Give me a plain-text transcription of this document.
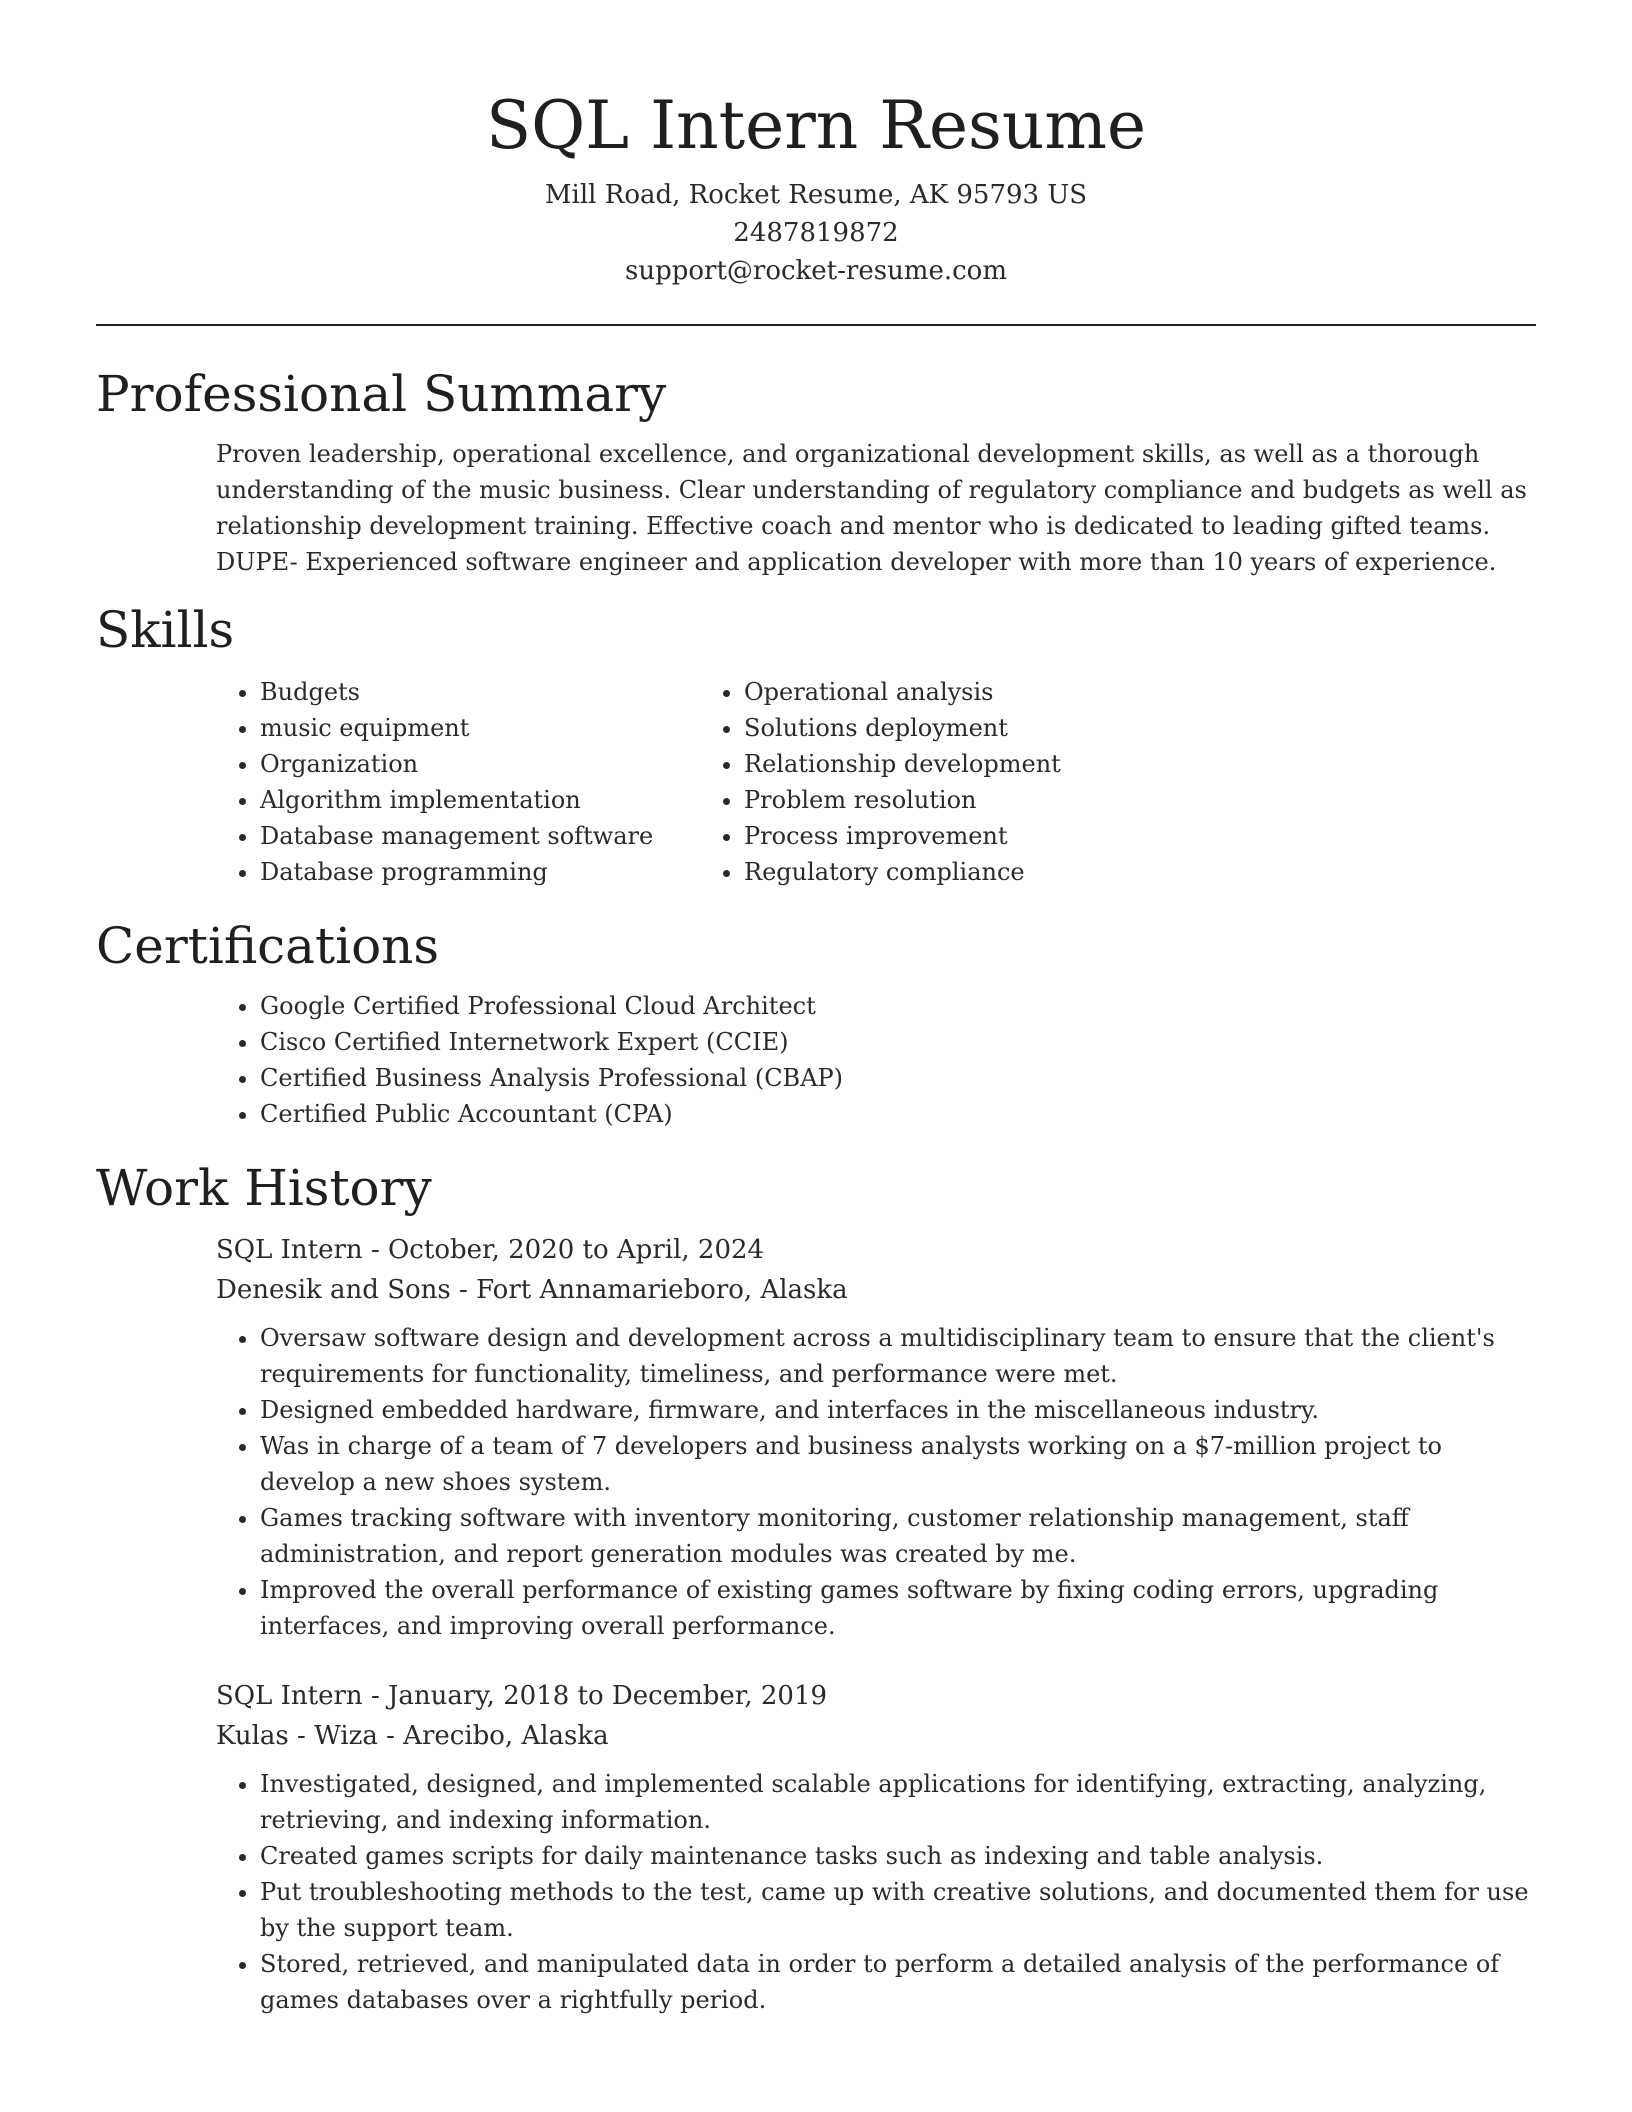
SQL Intern Resume
Mill Road, Rocket Resume, AK 95793 US
2487819872
support@rocket-resume.com
Professional Summary
Proven leadership, operational excellence, and organizational development skills, as well as a thorough understanding of the music business. Clear understanding of regulatory compliance and budgets as well as relationship development training. Effective coach and mentor who is dedicated to leading gifted teams. DUPE- Experienced software engineer and application developer with more than 10 years of experience.
Skills
• Budgets
• music equipment
• Organization
• Algorithm implementation
• Database management software
• Database programming
• Operational analysis
• Solutions deployment
• Relationship development
• Problem resolution
• Process improvement
• Regulatory compliance
Certifications
• Google Certified Professional Cloud Architect
• Cisco Certified Internetwork Expert (CCIE)
• Certified Business Analysis Professional (CBAP)
• Certified Public Accountant (CPA)
Work History
SQL Intern - October, 2020 to April, 2024
Denesik and Sons - Fort Annamarieboro, Alaska
• Oversaw software design and development across a multidisciplinary team to ensure that the client's requirements for functionality, timeliness, and performance were met.
• Designed embedded hardware, firmware, and interfaces in the miscellaneous industry.
• Was in charge of a team of 7 developers and business analysts working on a $7-million project to develop a new shoes system.
• Games tracking software with inventory monitoring, customer relationship management, staff administration, and report generation modules was created by me.
• Improved the overall performance of existing games software by fixing coding errors, upgrading interfaces, and improving overall performance.
SQL Intern - January, 2018 to December, 2019
Kulas - Wiza - Arecibo, Alaska
• Investigated, designed, and implemented scalable applications for identifying, extracting, analyzing, retrieving, and indexing information.
• Created games scripts for daily maintenance tasks such as indexing and table analysis.
• Put troubleshooting methods to the test, came up with creative solutions, and documented them for use by the support team.
• Stored, retrieved, and manipulated data in order to perform a detailed analysis of the performance of games databases over a rightfully period.
